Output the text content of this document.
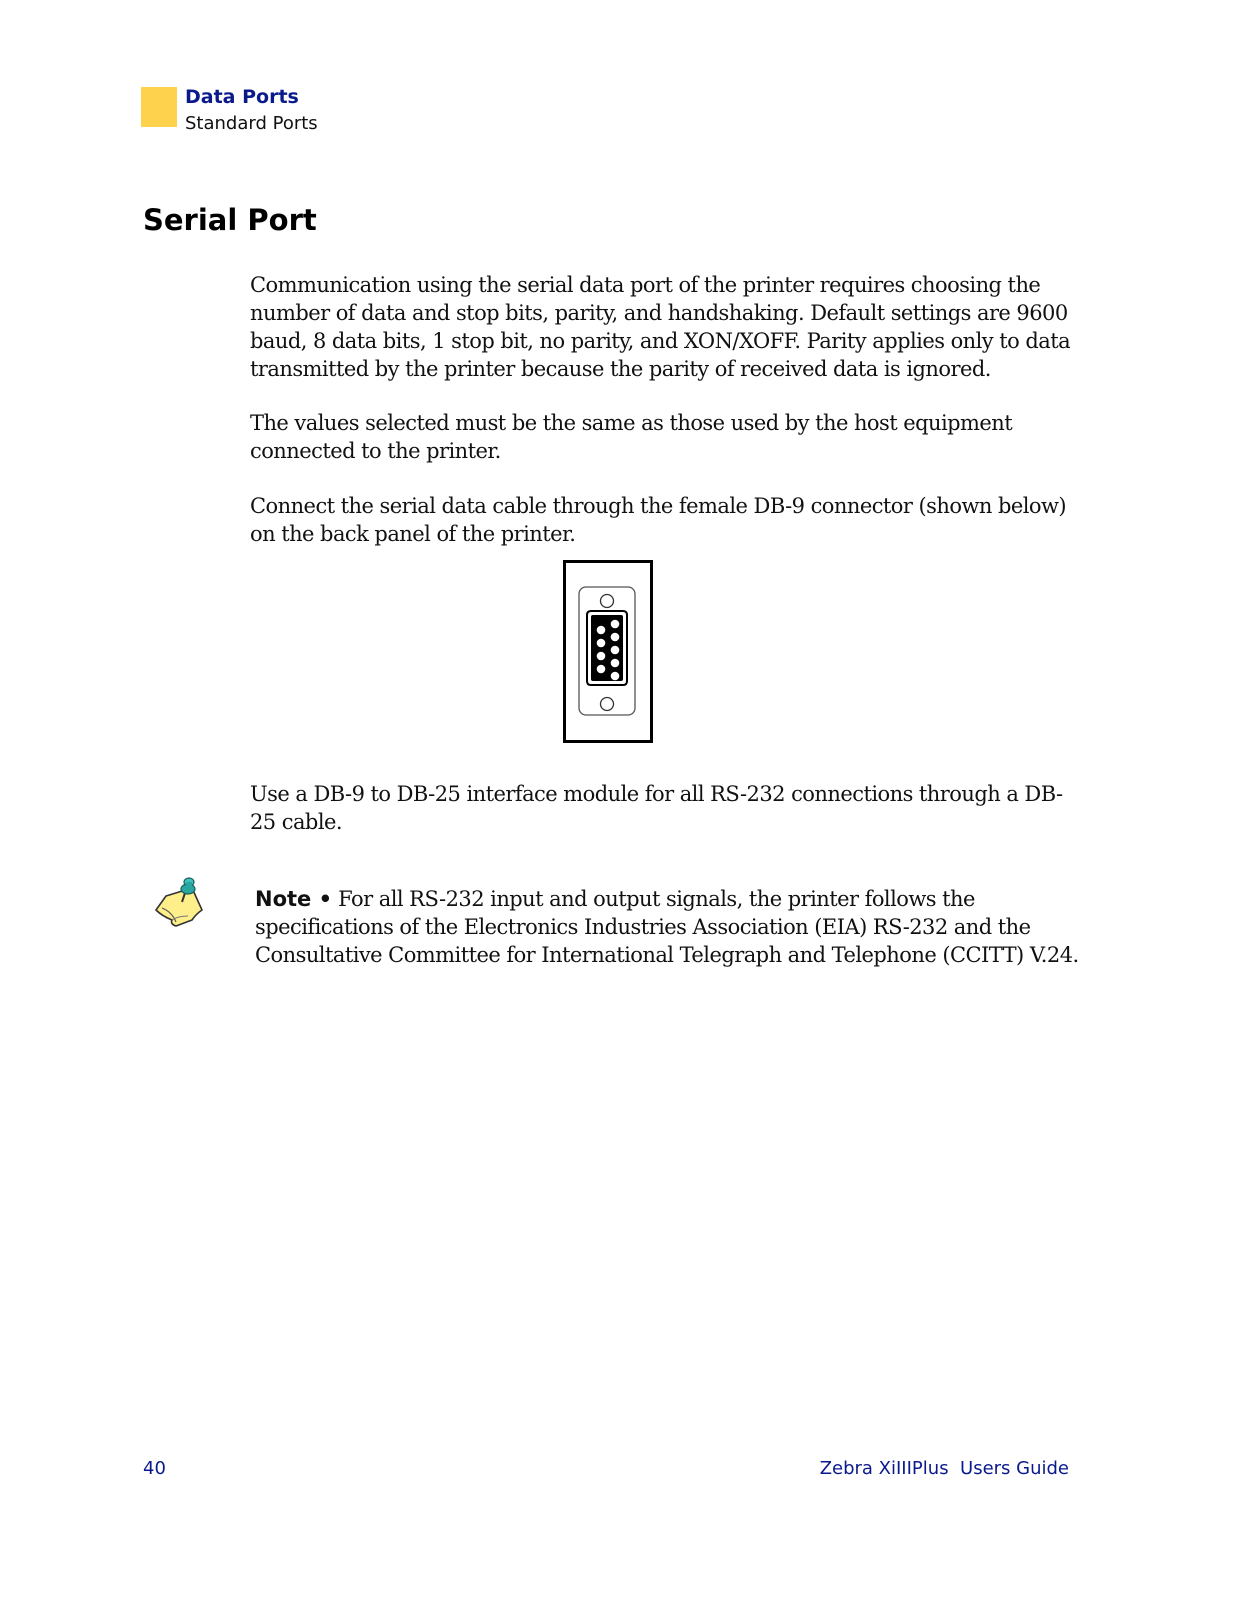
Data Ports
Standard Ports
Serial Port

Communication using the serial data port of the printer requires choosing the number of data and stop bits, parity, and handshaking. Default settings are 9600 baud, 8 data bits, 1 stop bit, no parity, and XON/XOFF. Parity applies only to data transmitted by the printer because the parity of received data is ignored.

The values selected must be the same as those used by the host equipment connected to the printer.

Connect the serial data cable through the female DB-9 connector (shown below) on the back panel of the printer.

Use a DB-9 to DB-25 interface module for all RS-232 connections through a DB-25 cable.

Note • For all RS-232 input and output signals, the printer follows the specifications of the Electronics Industries Association (EIA) RS-232 and the Consultative Committee for International Telegraph and Telephone (CCITT) V.24.

40	Zebra XiIIIPlus  Users Guide
